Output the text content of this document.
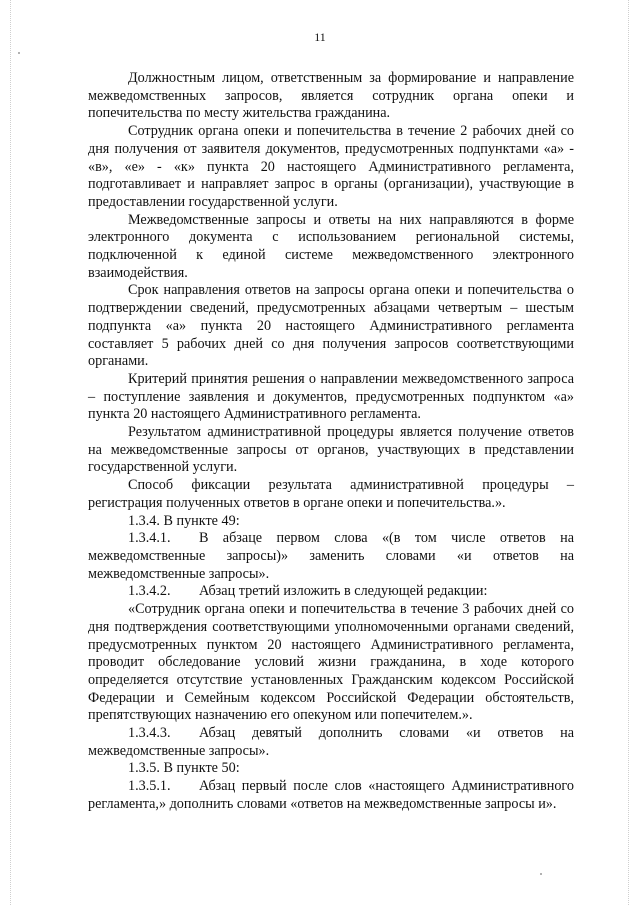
11

Должностным лицом, ответственным за формирование и направление межведомственных запросов, является сотрудник органа опеки и попечительства по месту жительства гражданина.

Сотрудник органа опеки и попечительства в течение 2 рабочих дней со дня получения от заявителя документов, предусмотренных подпунктами «а» - «в», «е» - «к» пункта 20 настоящего Административного регламента, подготавливает и направляет запрос в органы (организации), участвующие в предоставлении государственной услуги.

Межведомственные запросы и ответы на них направляются в форме электронного документа с использованием региональной системы, подключенной к единой системе межведомственного электронного взаимодействия.

Срок направления ответов на запросы органа опеки и попечительства о подтверждении сведений, предусмотренных абзацами четвертым – шестым подпункта «а» пункта 20 настоящего Административного регламента составляет 5 рабочих дней со дня получения запросов соответствующими органами.

Критерий принятия решения о направлении межведомственного запроса – поступление заявления и документов, предусмотренных подпунктом «а» пункта 20 настоящего Административного регламента.

Результатом административной процедуры является получение ответов на межведомственные запросы от органов, участвующих в представлении государственной услуги.

Способ фиксации результата административной процедуры – регистрация полученных ответов в органе опеки и попечительства.».

1.3.4. В пункте 49:

1.3.4.1.  В абзаце первом слова «(в том числе ответов на межведомственные запросы)» заменить словами «и ответов на межведомственные запросы».

1.3.4.2.  Абзац третий изложить в следующей редакции:

«Сотрудник органа опеки и попечительства в течение 3 рабочих дней со дня подтверждения соответствующими уполномоченными органами сведений, предусмотренных пунктом 20 настоящего Административного регламента, проводит обследование условий жизни гражданина, в ходе которого определяется отсутствие установленных Гражданским кодексом Российской Федерации и Семейным кодексом Российской Федерации обстоятельств, препятствующих назначению его опекуном или попечителем.».

1.3.4.3.  Абзац девятый дополнить словами «и ответов на межведомственные запросы».

1.3.5. В пункте 50:

1.3.5.1.  Абзац первый после слов «настоящего Административного регламента,» дополнить словами «ответов на межведомственные запросы и».
